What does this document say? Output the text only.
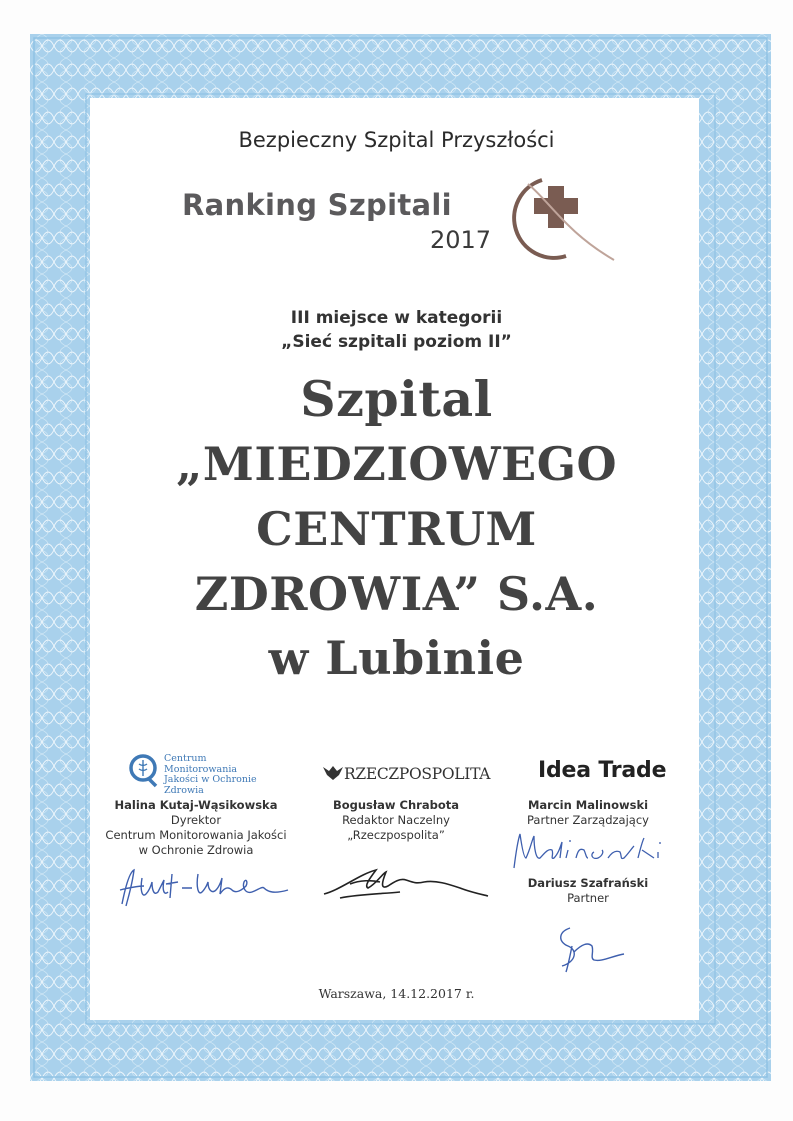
Bezpieczny Szpital Przyszłości
Ranking Szpitali
2017
III miejsce w kategorii
„Sieć szpitali poziom II”
Szpital
„MIEDZIOWEGO
CENTRUM
ZDROWIA” S.A.
w Lubinie
Centrum
Monitorowania
Jakości w Ochronie Zdrowia
RZECZPOSPOLITA Idea Trade
Halina Kutaj-Wąsikowska
Dyrektor
Centrum Monitorowania Jakości
w Ochronie Zdrowia
Bogusław Chrabota
Redaktor Naczelny
„Rzeczpospolita”
Marcin Malinowski
Partner Zarządzający
Dariusz Szafrański
Partner
Warszawa, 14.12.2017 r.
